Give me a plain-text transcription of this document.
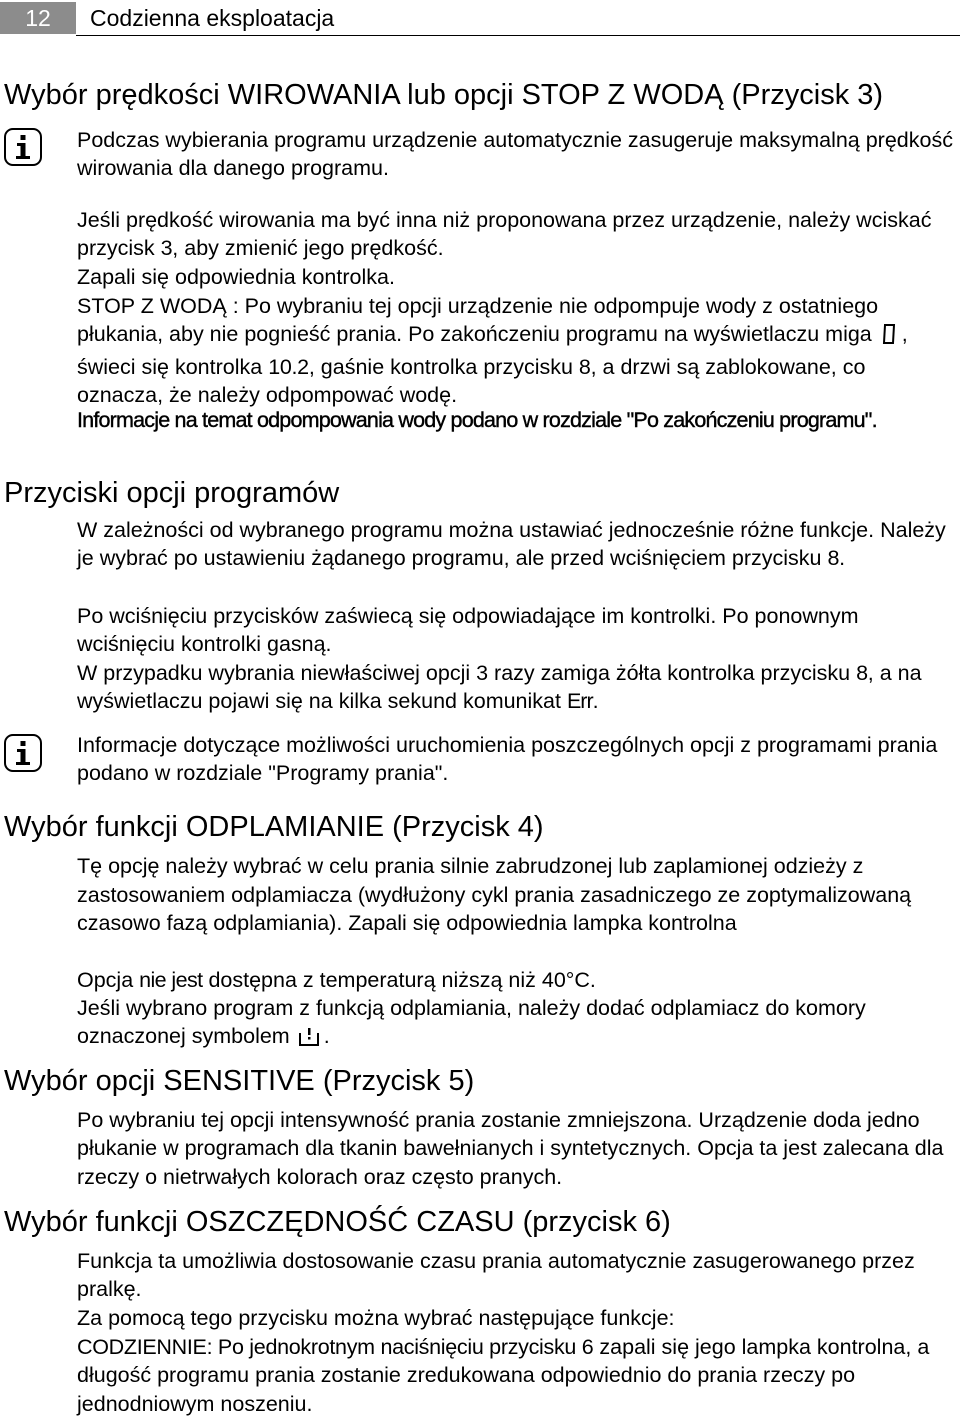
12	Codzienna eksploatacja
Wybór prędkości WIROWANIA lub opcji STOP Z WODĄ (Przycisk 3)
Podczas wybierania programu urządzenie automatycznie zasugeruje maksymalną prędkość wirowania dla danego programu.
Jeśli prędkość wirowania ma być inna niż proponowana przez urządzenie, należy wciskać przycisk 3, aby zmienić jego prędkość.
Zapali się odpowiednia kontrolka.
STOP Z WODĄ : Po wybraniu tej opcji urządzenie nie odpompuje wody z ostatniego płukania, aby nie pognieść prania. Po zakończeniu programu na wyświetlaczu miga , świeci się kontrolka 10.2, gaśnie kontrolka przycisku 8, a drzwi są zablokowane, co oznacza, że należy odpompować wodę.
Informacje na temat odpompowania wody podano w rozdziale "Po zakończeniu programu".
Przyciski opcji programów
W zależności od wybranego programu można ustawiać jednocześnie różne funkcje. Należy je wybrać po ustawieniu żądanego programu, ale przed wciśnięciem przycisku 8.
Po wciśnięciu przycisków zaświecą się odpowiadające im kontrolki. Po ponownym wciśnięciu kontrolki gasną.
W przypadku wybrania niewłaściwej opcji 3 razy zamiga żółta kontrolka przycisku 8, a na wyświetlaczu pojawi się na kilka sekund komunikat Err.
Informacje dotyczące możliwości uruchomienia poszczególnych opcji z programami prania podano w rozdziale "Programy prania".
Wybór funkcji ODPLAMIANIE (Przycisk 4)
Tę opcję należy wybrać w celu prania silnie zabrudzonej lub zaplamionej odzieży z zastosowaniem odplamiacza (wydłużony cykl prania zasadniczego ze zoptymalizowaną czasowo fazą odplamiania). Zapali się odpowiednia lampka kontrolna
Opcja nie jest dostępna z temperaturą niższą niż 40°C.
Jeśli wybrano program z funkcją odplamiania, należy dodać odplamiacz do komory oznaczonej symbolem .
Wybór opcji SENSITIVE (Przycisk 5)
Po wybraniu tej opcji intensywność prania zostanie zmniejszona. Urządzenie doda jedno płukanie w programach dla tkanin bawełnianych i syntetycznych. Opcja ta jest zalecana dla rzeczy o nietrwałych kolorach oraz często pranych.
Wybór funkcji OSZCZĘDNOŚĆ CZASU (przycisk 6)
Funkcja ta umożliwia dostosowanie czasu prania automatycznie zasugerowanego przez pralkę.
Za pomocą tego przycisku można wybrać następujące funkcje:
CODZIENNIE: Po jednokrotnym naciśnięciu przycisku 6 zapali się jego lampka kontrolna, a długość programu prania zostanie zredukowana odpowiednio do prania rzeczy po jednodniowym noszeniu.
